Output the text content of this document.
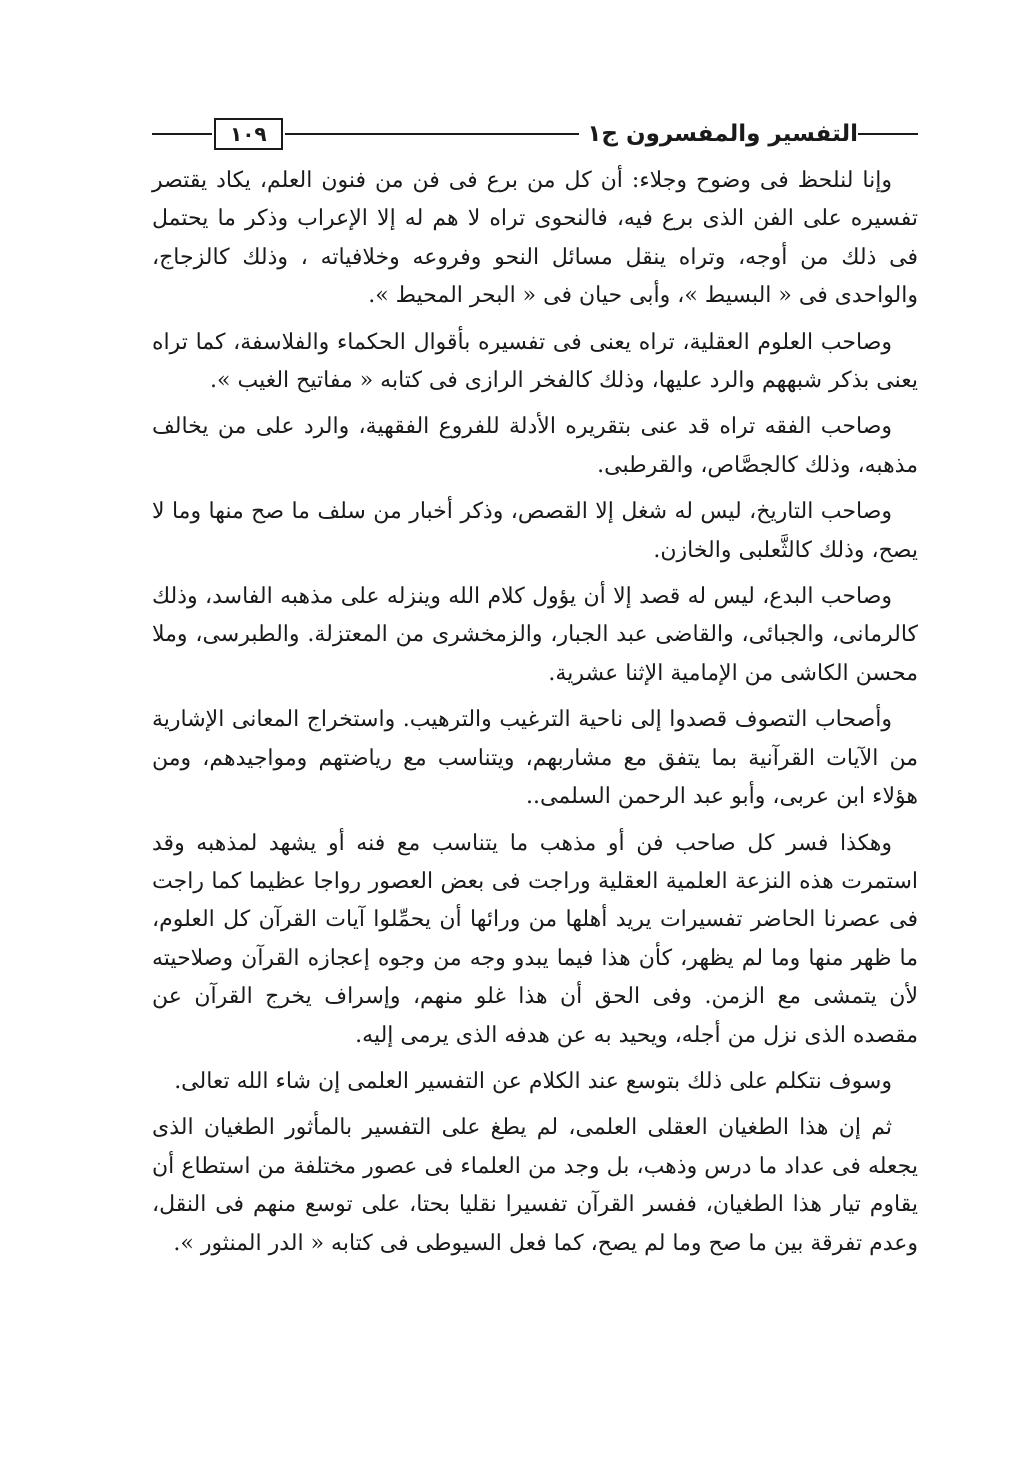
التفسير والمفسرون ج١
١٠٩

وإنا لنلحظ فى وضوح وجلاء: أن كل من برع فى فن من فنون العلم، يكاد يقتصر تفسيره على الفن الذى برع فيه، فالنحوى تراه لا هم له إلا الإعراب وذكر ما يحتمل فى ذلك من أوجه، وتراه ينقل مسائل النحو وفروعه وخلافياته ، وذلك كالزجاج، والواحدى فى « البسيط »، وأبى حيان فى « البحر المحيط ».

وصاحب العلوم العقلية، تراه يعنى فى تفسيره بأقوال الحكماء والفلاسفة، كما تراه يعنى بذكر شبههم والرد عليها، وذلك كالفخر الرازى فى كتابه « مفاتيح الغيب ».

وصاحب الفقه تراه قد عنى بتقريره الأدلة للفروع الفقهية، والرد على من يخالف مذهبه، وذلك كالجصَّاص، والقرطبى.

وصاحب التاريخ، ليس له شغل إلا القصص، وذكر أخبار من سلف ما صح منها وما لا يصح، وذلك كالثَّعلبى والخازن.

وصاحب البدع، ليس له قصد إلا أن يؤول كلام الله وينزله على مذهبه الفاسد، وذلك كالرمانى، والجبائى، والقاضى عبد الجبار، والزمخشرى من المعتزلة. والطبرسى، وملا محسن الكاشى من الإمامية الإثنا عشرية.

وأصحاب التصوف قصدوا إلى ناحية الترغيب والترهيب. واستخراج المعانى الإشارية من الآيات القرآنية بما يتفق مع مشاربهم، ويتناسب مع رياضتهم ومواجيدهم، ومن هؤلاء ابن عربى، وأبو عبد الرحمن السلمى..

وهكذا فسر كل صاحب فن أو مذهب ما يتناسب مع فنه أو يشهد لمذهبه وقد استمرت هذه النزعة العلمية العقلية وراجت فى بعض العصور رواجا عظيما كما راجت فى عصرنا الحاضر تفسيرات يريد أهلها من ورائها أن يحمِّلوا آيات القرآن كل العلوم، ما ظهر منها وما لم يظهر، كأن هذا فيما يبدو وجه من وجوه إعجازه القرآن وصلاحيته لأن يتمشى مع الزمن. وفى الحق أن هذا غلو منهم، وإسراف يخرج القرآن عن مقصده الذى نزل من أجله، ويحيد به عن هدفه الذى يرمى إليه.

وسوف نتكلم على ذلك بتوسع عند الكلام عن التفسير العلمى إن شاء الله تعالى.

ثم إن هذا الطغيان العقلى العلمى، لم يطغ على التفسير بالمأثور الطغيان الذى يجعله فى عداد ما درس وذهب، بل وجد من العلماء فى عصور مختلفة من استطاع أن يقاوم تيار هذا الطغيان، ففسر القرآن تفسيرا نقليا بحتا، على توسع منهم فى النقل، وعدم تفرقة بين ما صح وما لم يصح، كما فعل السيوطى فى كتابه « الدر المنثور ».
